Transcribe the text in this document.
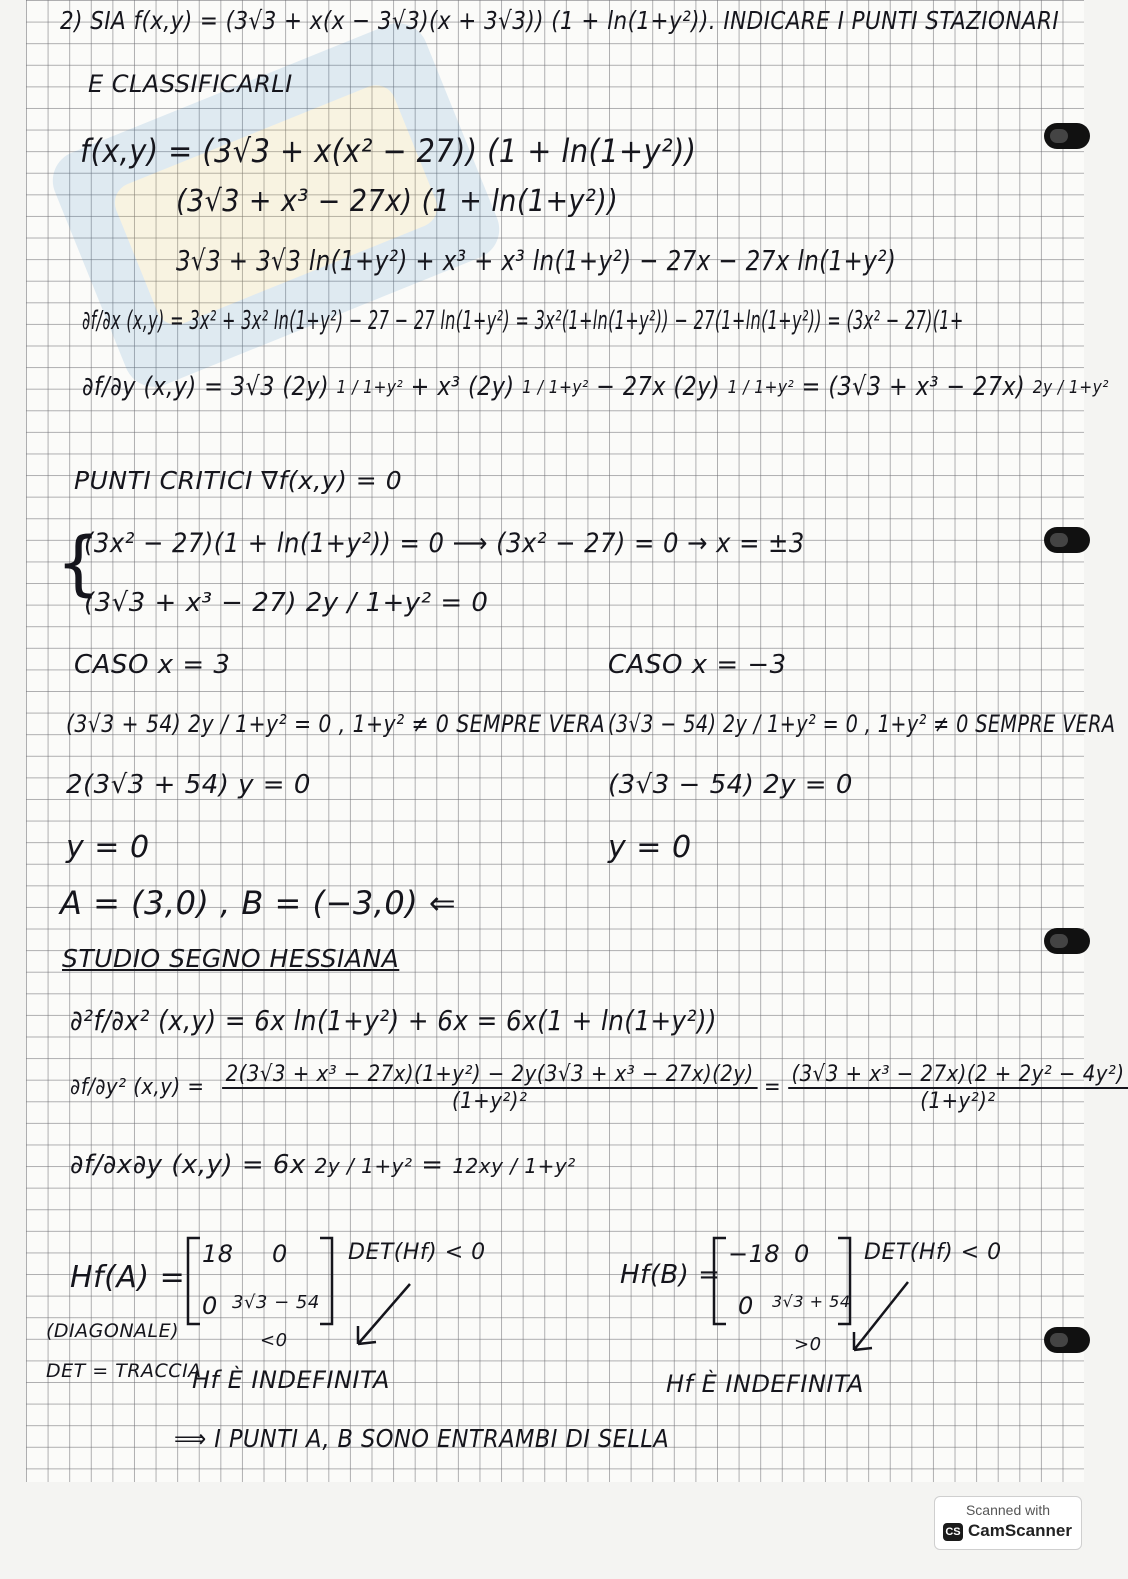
2) SIA f(x,y) = (3√3 + x(x − 3√3)(x + 3√3)) (1 + ln(1+y²)). INDICARE I PUNTI STAZIONARI
E CLASSIFICARLI
f(x,y) = (3√3 + x(x² − 27)) (1 + ln(1+y²))
(3√3 + x³ − 27x) (1 + ln(1+y²))
3√3 + 3√3 ln(1+y²) + x³ + x³ ln(1+y²) − 27x − 27x ln(1+y²)
∂f/∂x (x,y) = 3x² + 3x² ln(1+y²) − 27 − 27 ln(1+y²) = 3x²(1+ln(1+y²)) − 27(1+ln(1+y²)) = (3x² − 27)(1+
∂f/∂y (x,y) = 3√3 (2y) 1 / 1+y² + x³ (2y) 1 / 1+y² − 27x (2y) 1 / 1+y² = (3√3 + x³ − 27x) 2y / 1+y²
PUNTI CRITICI ∇f(x,y) = 0
{
(3x² − 27)(1 + ln(1+y²)) = 0 ⟶ (3x² − 27) = 0 → x = ±3
(3√3 + x³ − 27) 2y / 1+y² = 0
CASO x = 3	CASO x = −3
(3√3 + 54) 2y / 1+y² = 0 , 1+y² ≠ 0 SEMPRE VERA (3√3 − 54) 2y / 1+y² = 0 , 1+y² ≠ 0 SEMPRE VERA
2(3√3 + 54) y = 0	(3√3 − 54) 2y = 0
y = 0	y = 0
A = (3,0) , B = (−3,0) ⇐
STUDIO SEGNO HESSIANA
∂²f/∂x² (x,y) = 6x ln(1+y²) + 6x = 6x(1 + ln(1+y²))
∂f/∂y² $(x,y) = \frac{\text{2(3√3 + x³ − 27x)(1+y²) − 2y(3√3 + x³ − 27x)(2y)}}{\text{(1+y²)²}} = \frac{\text{(3√3 + x³ − 27x)(2 + 2y² − 4y²)}}{\text{(1+y²)²}}$
∂f/∂x∂y (x,y) = 6x 2y / 1+y² = 12xy / 1+y²
Hf(A) =
18 0
0 3√3 − 54
<0
DET(Hf) < 0
(DIAGONALE)
DET = TRACCIA
Hf È INDEFINITA
Hf(B) =
−18 0
0 3√3 + 54
>0
DET(Hf) < 0
Hf È INDEFINITA
⟹ I PUNTI A, B SONO ENTRAMBI DI SELLA
Scanned with
CS CamScanner
